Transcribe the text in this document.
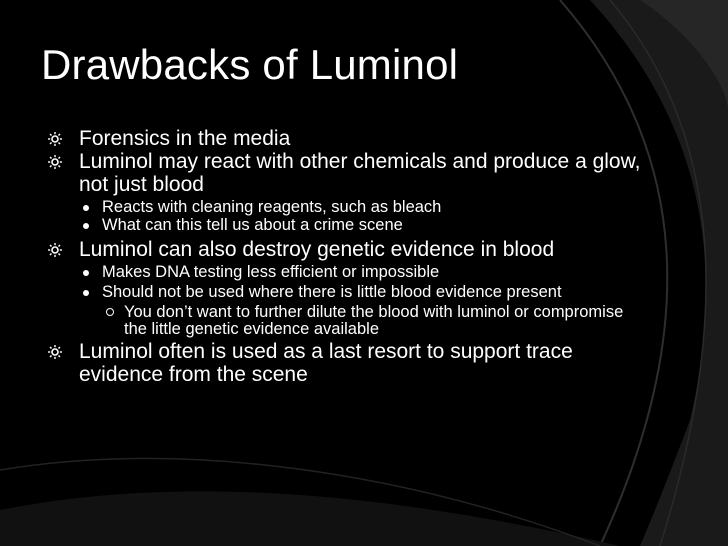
Drawbacks of Luminol
Forensics in the media
Luminol may react with other chemicals and produce a glow, not just blood
Reacts with cleaning reagents, such as bleach
What can this tell us about a crime scene
Luminol can also destroy genetic evidence in blood
Makes DNA testing less efficient or impossible
Should not be used where there is little blood evidence present
You don’t want to further dilute the blood with luminol or compromise the little genetic evidence available
Luminol often is used as a last resort to support trace evidence from the scene
